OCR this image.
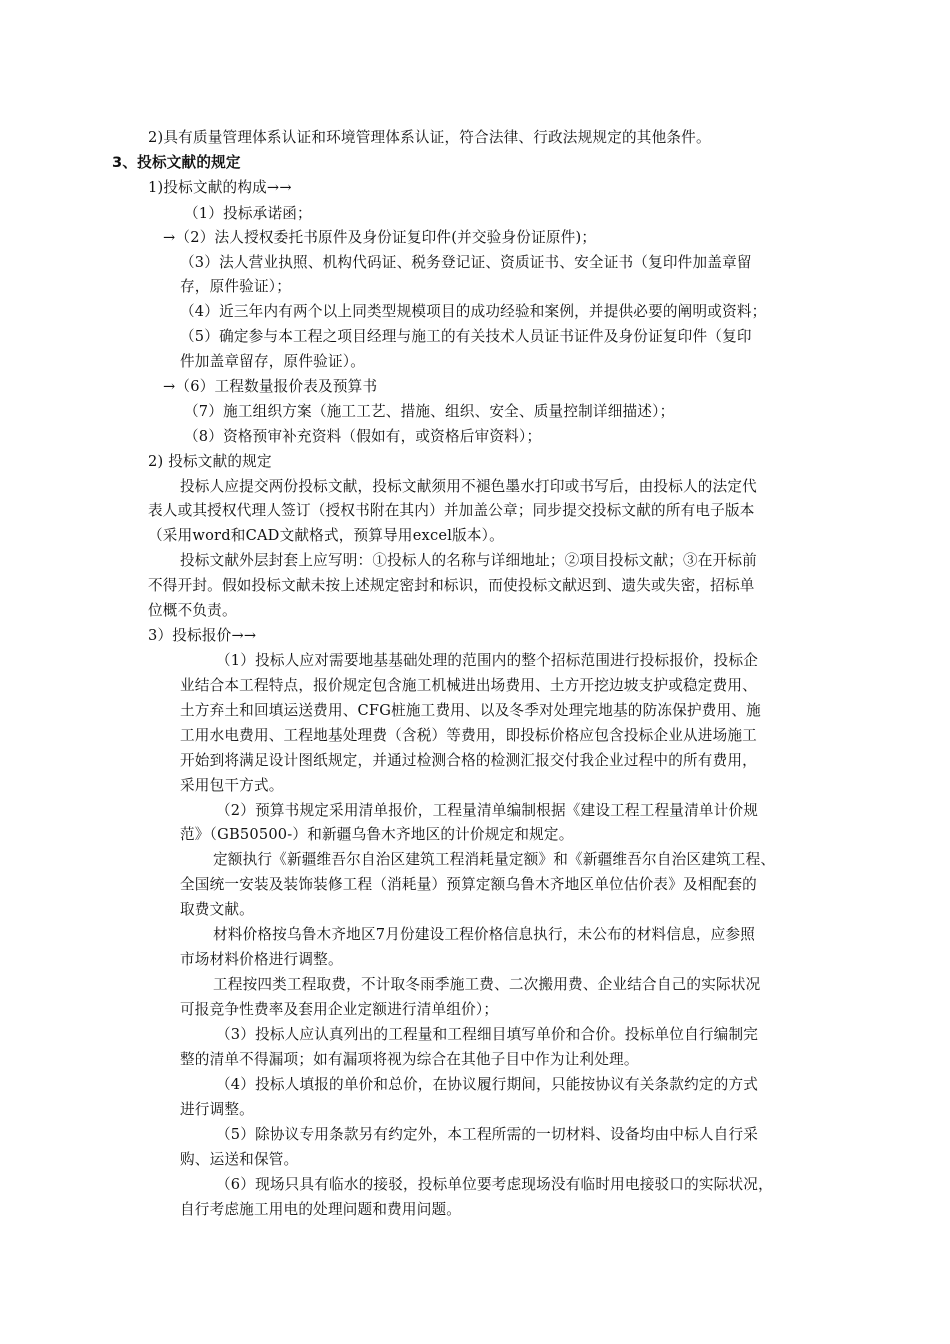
2)具有质量管理体系认证和环境管理体系认证，符合法律、行政法规规定的其他条件。
3、投标文献的规定
1)投标文献的构成→→
（1）投标承诺函；
→（2）法人授权委托书原件及身份证复印件(并交验身份证原件)；
（3）法人营业执照、机构代码证、税务登记证、资质证书、安全证书（复印件加盖章留
存，原件验证）；
（4）近三年内有两个以上同类型规模项目的成功经验和案例，并提供必要的阐明或资料；
（5）确定参与本工程之项目经理与施工的有关技术人员证书证件及身份证复印件（复印
件加盖章留存，原件验证）。
→（6）工程数量报价表及预算书
（7）施工组织方案（施工工艺、措施、组织、安全、质量控制详细描述）；
（8）资格预审补充资料（假如有，或资格后审资料）；
2) 投标文献的规定
投标人应提交两份投标文献，投标文献须用不褪色墨水打印或书写后，由投标人的法定代
表人或其授权代理人签订（授权书附在其内）并加盖公章；同步提交投标文献的所有电子版本
（采用word和CAD文献格式，预算导用excel版本）。
投标文献外层封套上应写明：①投标人的名称与详细地址；②项目投标文献；③在开标前
不得开封。假如投标文献未按上述规定密封和标识，而使投标文献迟到、遗失或失密，招标单
位概不负责。
3）投标报价→→
（1）投标人应对需要地基基础处理的范围内的整个招标范围进行投标报价，投标企
业结合本工程特点，报价规定包含施工机械进出场费用、土方开挖边坡支护或稳定费用、
土方弃土和回填运送费用、CFG桩施工费用、以及冬季对处理完地基的防冻保护费用、施
工用水电费用、工程地基处理费（含税）等费用，即投标价格应包含投标企业从进场施工
开始到将满足设计图纸规定，并通过检测合格的检测汇报交付我企业过程中的所有费用，
采用包干方式。
（2）预算书规定采用清单报价，工程量清单编制根据《建设工程工程量清单计价规
范》（GB50500-）和新疆乌鲁木齐地区的计价规定和规定。
定额执行《新疆维吾尔自治区建筑工程消耗量定额》和《新疆维吾尔自治区建筑工程、
全国统一安装及装饰装修工程（消耗量）预算定额乌鲁木齐地区单位估价表》及相配套的
取费文献。
材料价格按乌鲁木齐地区7月份建设工程价格信息执行，未公布的材料信息，应参照
市场材料价格进行调整。
工程按四类工程取费，不计取冬雨季施工费、二次搬用费、企业结合自己的实际状况
可报竞争性费率及套用企业定额进行清单组价）；
（3）投标人应认真列出的工程量和工程细目填写单价和合价。投标单位自行编制完
整的清单不得漏项；如有漏项将视为综合在其他子目中作为让利处理。
（4）投标人填报的单价和总价，在协议履行期间，只能按协议有关条款约定的方式
进行调整。
（5）除协议专用条款另有约定外，本工程所需的一切材料、设备均由中标人自行采
购、运送和保管。
（6）现场只具有临水的接驳，投标单位要考虑现场没有临时用电接驳口的实际状况，
自行考虑施工用电的处理问题和费用问题。
